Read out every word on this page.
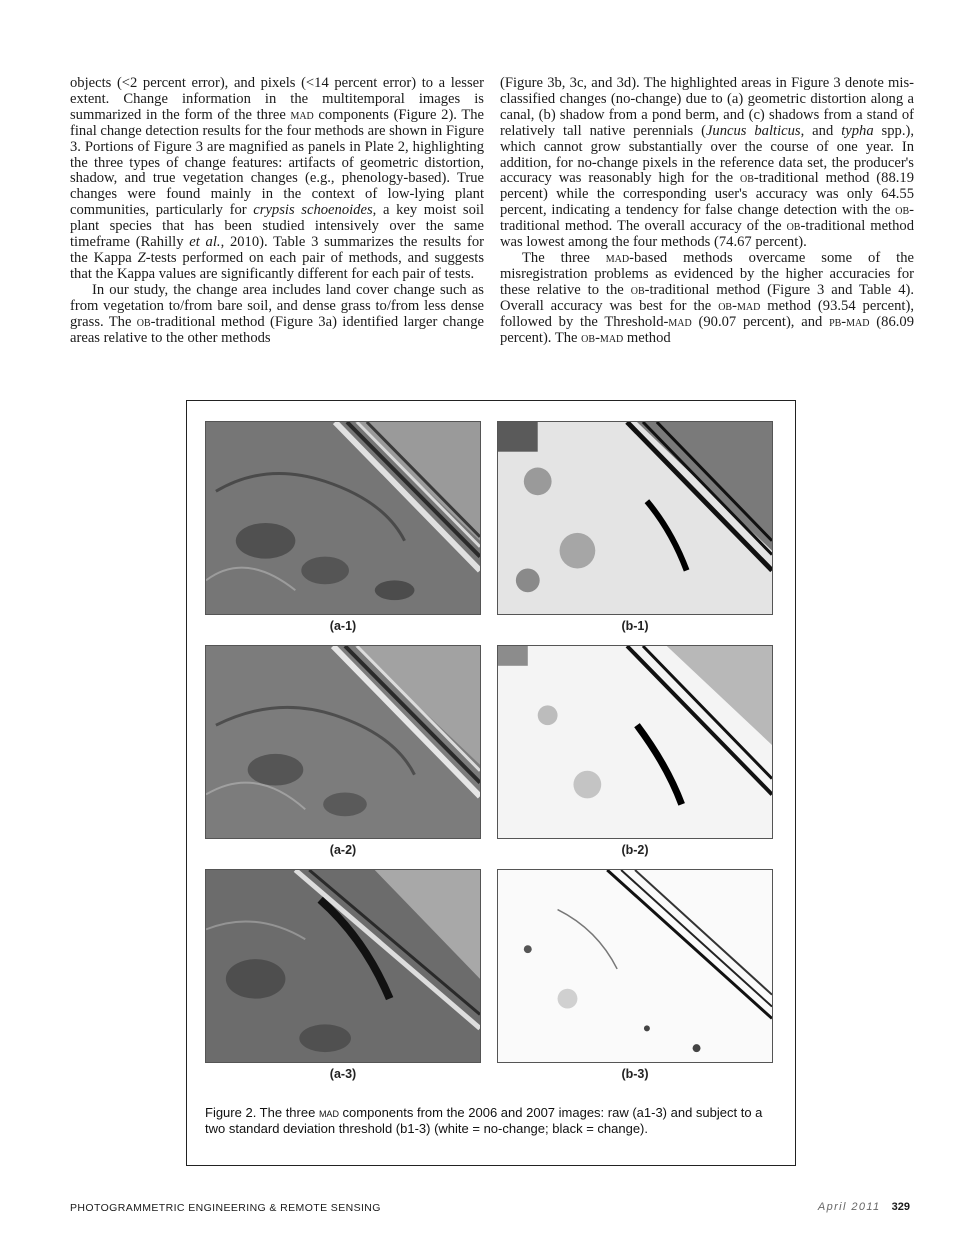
objects (<2 percent error), and pixels (<14 percent error) to a lesser extent. Change information in the multitemporal images is summarized in the form of the three mad components (Figure 2). The final change detection results for the four methods are shown in Figure 3. Portions of Figure 3 are magnified as panels in Plate 2, highlighting the three types of change features: artifacts of geometric distortion, shadow, and true vegetation changes (e.g., phenology-based). True changes were found mainly in the context of low-lying plant communities, particularly for crypsis schoenoides, a key moist soil plant species that has been studied intensively over the same timeframe (Rahilly et al., 2010). Table 3 summarizes the results for the Kappa Z-tests performed on each pair of methods, and suggests that the Kappa values are significantly different for each pair of tests.

In our study, the change area includes land cover change such as from vegetation to/from bare soil, and dense grass to/from less dense grass. The ob-traditional method (Figure 3a) identified larger change areas relative to the other methods

(Figure 3b, 3c, and 3d). The highlighted areas in Figure 3 denote mis-classified changes (no-change) due to (a) geometric distortion along a canal, (b) shadow from a pond berm, and (c) shadows from a stand of relatively tall native perennials (Juncus balticus, and typha spp.), which cannot grow substantially over the course of one year. In addition, for no-change pixels in the reference data set, the producer's accuracy was reasonably high for the ob-traditional method (88.19 percent) while the corresponding user's accuracy was only 64.55 percent, indicating a tendency for false change detection with the ob-traditional method. The overall accuracy of the ob-traditional method was lowest among the four methods (74.67 percent).

The three mad-based methods overcame some of the misregistration problems as evidenced by the higher accuracies for these relative to the ob-traditional method (Figure 3 and Table 4). Overall accuracy was best for the ob-mad method (93.54 percent), followed by the Threshold-mad (90.07 percent), and pb-mad (86.09 percent). The ob-mad method

(a-1)	(b-1)
(a-2)	(b-2)
(a-3)	(b-3)
Figure 2. The three mad components from the 2006 and 2007 images: raw (a1-3) and subject to a two standard deviation threshold (b1-3) (white = no-change; black = change).
PHOTOGRAMMETRIC ENGINEERING & REMOTE SENSING	April 2011 329
